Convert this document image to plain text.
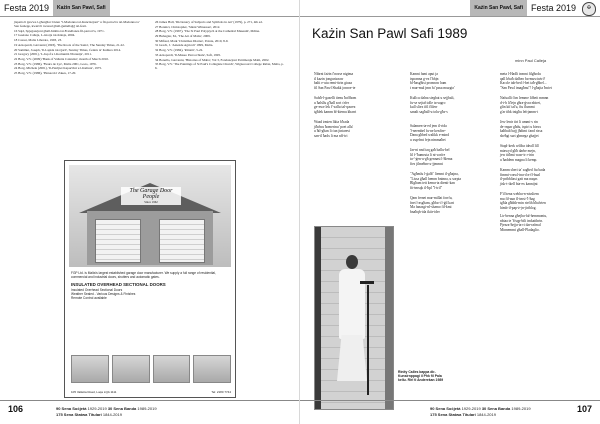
Festa 2019	Każin San Pawl, Safi

jispetta li ġewwa l-għargħar li kien "l-Madonna tal-Kuncizzjoni" u fil-parroċċa tal-Madonna ta' San Ġużepp, kważi li twassal għall-ġemellaġġ tal-festi.

16 Sajd, Spjegazzjoni għall-ħidma tal-Fratellanza fil-parroċċa, 1971.

17 Gaetano Calleja, L-istorja tal-Knisja, 2004.

18 Cassar, Malta Liberata, 1993, 23.

19 Azzopardi, Giovanni (1993), 'The Roots of the Santa', The Sunday Times, 21-22.

20 Sammut, Joseph, 'Il-Lapida tal-Qorti', Sunday Times, Ċentru ta' Kultura 2014.

21 Gregory (2001), 'L-Isqof u l-Komunità Nisranija', 2011.

22 Borg, V.V. (2009) 'Bank of Valletta Calendar', month of March 2010.

23 Borg, V.V. (1986), 'Fleurs de Lys', Malta 2001, Gozo, 1976.

24 Borg, Michele (2001), 'Il-Patrijiet Kapuċċini u l-Kultura', 1975.

25 Borg, V.V. (1986), 'Pinnacola' Zakes, 17-20.

26 James Hall, 'Dictionary of Subjects and Symbols in Art' (1979), p. 271, 4th ed.

27 Bonnici, Christopher, 'Silent Witnesses', 2012.

28 Borg, V.V. (1967), 'The St Paul Polyptych at the Cathedral Museum', Mdina.

29 Buhagiar, M., 'The Art of Malta', 2009.

30 Mifsud, Mark 'Christmas Diaries', Pointe, 2010, 8-9.

31 Grech, J. 'Aziende Agricoli' 1999, Malta.

32 Borg, V.V. (1984), 'Ritratti', 5-22.

33 Azzopardi, 'Il-Museo Parrocchiale', Safi, 1995.

34 Bonello, Giovanni, 'Histories of Malta', Vol 3, Fondazzjoni Patrimonju Malti, 2002.

35 Borg, V.V. 'The Paintings of St Paul's Collegiate Church', Wignacourt College Rabat, Malta, p. 6.

The Garage Door People
Since 1962
FGP Ltd. is Malta's largest established garage door manufacturer. We supply a full range of residential, commercial and industrial doors, shutters and automatic gates.
INSULATED OVERHEAD SECTIONAL DOORS
Insulated Overhead Sectional Doors
Weather Sealed - Various Designs & Finishes
Remote Control available
105 Valletta Road, Luqa LQA 1111	Tel: 2180 7744
106	90 Sena Soċjetà 1929-2019 30 Sena Banda 1989-2019
175 Sena Statwa Titulari 1844-2019
Każin San Pawl, Safi Festa 2019	✠
Każin San Pawl Safi 1989
minn Paul Calleja
Nibrnt fażin f'nosse nigima
tl kazin jongurizzaw
balti e-utu remi-tirin giuza
fil San Pawl Shakk jonroe-te
Safsħ-l-gazelli tienu ħoffhom
u ħalsllu g'ħall sort ċrfer
ge-nwe lek f'-sallu tal-qasrez
tgħlek kamm bl-kiemu kbarri
Waad żmien likta b'bada
jiħdwu ħomerinu 'poet alla'
u ħtl-għan li ċan jintaresi
san-il ħadx li ma nff-iri
Kamni fami aput ja
ispranna g-ex l'bhjn
bl-ħasgħisi pronnaw ham
t mur-mul jmn hi 'pasa muzgio'
Kullcu dalna siegbat u sejjbali,
fu-se sejtał tolle ta-sagro
kull sliex ifil flilerr
sanalt sagħall-u tolu-għs-s
Salamen-ta-ed jem il-rida
'l-neembel fu-ne kenfire-
Dana għbed walikk e-mind
u ssqefmt fejn nimmaħet
Jar-ni nnd taq gaħ ballu-bel
lil f-'ħumruta li ni-u nfre
ta-'-ġen-u-għ gennasi l-ħlema
fies jilmeħne u-jjmmni
"Agħmlu l-ġalb" lienmt il-għajna,
"Lissa ġħall hemm bninna, u sorpta
Blgħam tett kema-ta dienti-kan
fit-tmsqk il-ħpl "l-iril"
Qam fernei mar-millat forrfu,
fnet l-asgħam, għba-i l-ġil kart
Ma fanasgi-nl-shamo fil-kmi
bnaħqh-ida ikiir-ider
meta l-Hadli teanni filgħodu
qall lrbaħ dalbeo ba-muwiwiri?
Kaccle tab-bed f-bet taħ-għbel...
"San Pawl imagħnu"! l-għajta ħwiet
Nafualli t'im lemme lifbeit mmnn
d-t-b lt'lejn għra-ġvra nbiret,
glin kif tal'u, ftu flummi
g'ar tibk tnigħu lefrjamm-t
Jew lenir tirt li ummi-s rin
de-rnpar għdu, ispiri u biexx
kaħbalt bajj jħdimt ćand rissa
sbeħgi surt gbmegz ghajjet
Stapl-kerk wiliba ideall lill
miawyd għħ darbe mejn,
jew titħmi wasr-ir r-irin
u ħaddem magna li kemp.
Kamm sheri ta' sagħed ftu bada
fimmi-crawl-ina-d n-fl-bual
il-pribbliasi gatt ma naqas
jisk-t-tkell bta-ex kannijni
F'il hena webha-n-nissliem
mu fil-aun fl-imsi-'l-ħag
tgħla għbhh-min rtefih bħalvien
himb-il-pap-ż-jn-jiriblog.
Lir-benna għejha-fal-hemmontu,
nbtaa te 'b'sqp-bili imkattbrin.
Pjezza-ħejja-ta-ri dar-rafmal
Minnemmi għall-Pladaglio.
Rinity Calles bappa dir-Kunsirnppagi il Phk fil Pala kellu. Rirl tl Anderekan 1989
90 Sena Soċjetà 1929-2019 30 Sena Banda 1989-2019
175 Sena Statwa Titulari 1844-2019
107
